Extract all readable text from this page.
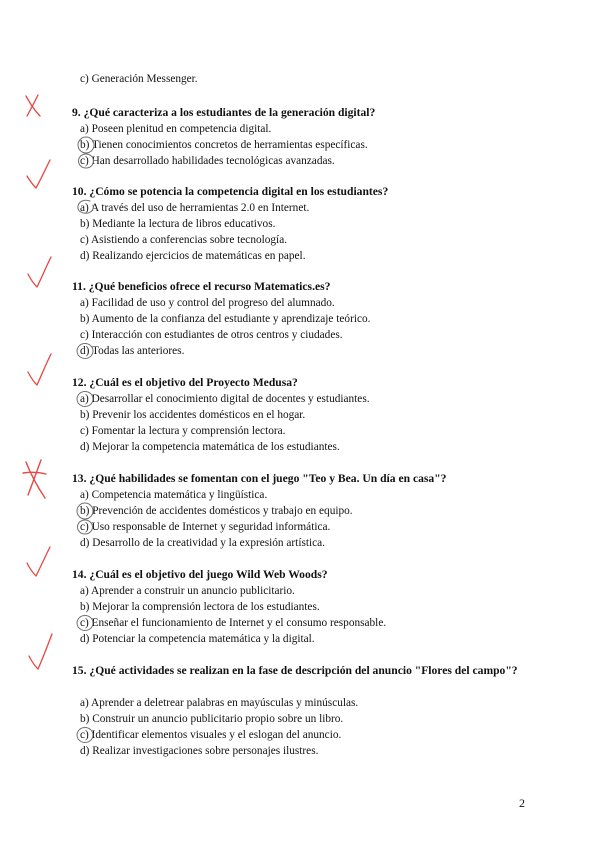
c) Generación Messenger.
9. ¿Qué caracteriza a los estudiantes de la generación digital?
a) Poseen plenitud en competencia digital.
b) Tienen conocimientos concretos de herramientas específicas.
c) Han desarrollado habilidades tecnológicas avanzadas.
10. ¿Cómo se potencia la competencia digital en los estudiantes?
a) A través del uso de herramientas 2.0 en Internet.
b) Mediante la lectura de libros educativos.
c) Asistiendo a conferencias sobre tecnología.
d) Realizando ejercicios de matemáticas en papel.
11. ¿Qué beneficios ofrece el recurso Matematics.es?
a) Facilidad de uso y control del progreso del alumnado.
b) Aumento de la confianza del estudiante y aprendizaje teórico.
c) Interacción con estudiantes de otros centros y ciudades.
d) Todas las anteriores.
12. ¿Cuál es el objetivo del Proyecto Medusa?
a) Desarrollar el conocimiento digital de docentes y estudiantes.
b) Prevenir los accidentes domésticos en el hogar.
c) Fomentar la lectura y comprensión lectora.
d) Mejorar la competencia matemática de los estudiantes.
13. ¿Qué habilidades se fomentan con el juego "Teo y Bea. Un día en casa"?
a) Competencia matemática y lingüística.
b) Prevención de accidentes domésticos y trabajo en equipo.
c) Uso responsable de Internet y seguridad informática.
d) Desarrollo de la creatividad y la expresión artística.
14. ¿Cuál es el objetivo del juego Wild Web Woods?
a) Aprender a construir un anuncio publicitario.
b) Mejorar la comprensión lectora de los estudiantes.
c) Enseñar el funcionamiento de Internet y el consumo responsable.
d) Potenciar la competencia matemática y la digital.
15. ¿Qué actividades se realizan en la fase de descripción del anuncio "Flores del campo"?
a) Aprender a deletrear palabras en mayúsculas y minúsculas.
b) Construir un anuncio publicitario propio sobre un libro.
c) Identificar elementos visuales y el eslogan del anuncio.
d) Realizar investigaciones sobre personajes ilustres.
2
